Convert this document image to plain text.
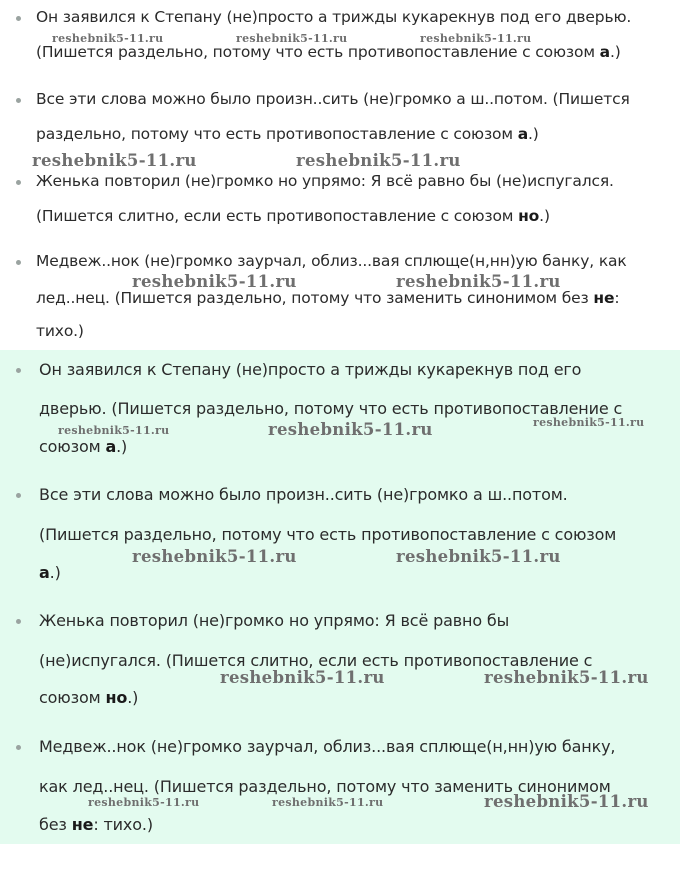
Он заявился к Степану (не)просто а трижды кукарекнув под его дверью.

(Пишется раздельно, потому что есть противопоставление с союзом а.)

Все эти слова можно было произн..сить (не)громко а ш..потом. (Пишется

раздельно, потому что есть противопоставление с союзом а.)

Женька повторил (не)громко но упрямо: Я всё равно бы (не)испугался.

(Пишется слитно, если есть противопоставление с союзом но.)

Медвеж..нок (не)громко заурчал, облиз...вая сплюще(н,нн)ую банку, как

лед..нец. (Пишется раздельно, потому что заменить синонимом без не:

тихо.)

reshebnik5-11.ru	reshebnik5-11.ru	reshebnik5-11.ru
reshebnik5-11.ru	reshebnik5-11.ru
reshebnik5-11.ru	reshebnik5-11.ru

Он заявился к Степану (не)просто а трижды кукарекнув под его

дверью. (Пишется раздельно, потому что есть противопоставление с

союзом а.)

Все эти слова можно было произн..сить (не)громко а ш..потом.

(Пишется раздельно, потому что есть противопоставление с союзом

а.)

Женька повторил (не)громко но упрямо: Я всё равно бы

(не)испугался. (Пишется слитно, если есть противопоставление с

союзом но.)

Медвеж..нок (не)громко заурчал, облиз...вая сплюще(н,нн)ую банку,

как лед..нец. (Пишется раздельно, потому что заменить синонимом

без не: тихо.)

reshebnik5-11.ru	reshebnik5-11.ru	reshebnik5-11.ru
reshebnik5-11.ru	reshebnik5-11.ru
reshebnik5-11.ru	reshebnik5-11.ru
reshebnik5-11.ru	reshebnik5-11.ru	reshebnik5-11.ru
